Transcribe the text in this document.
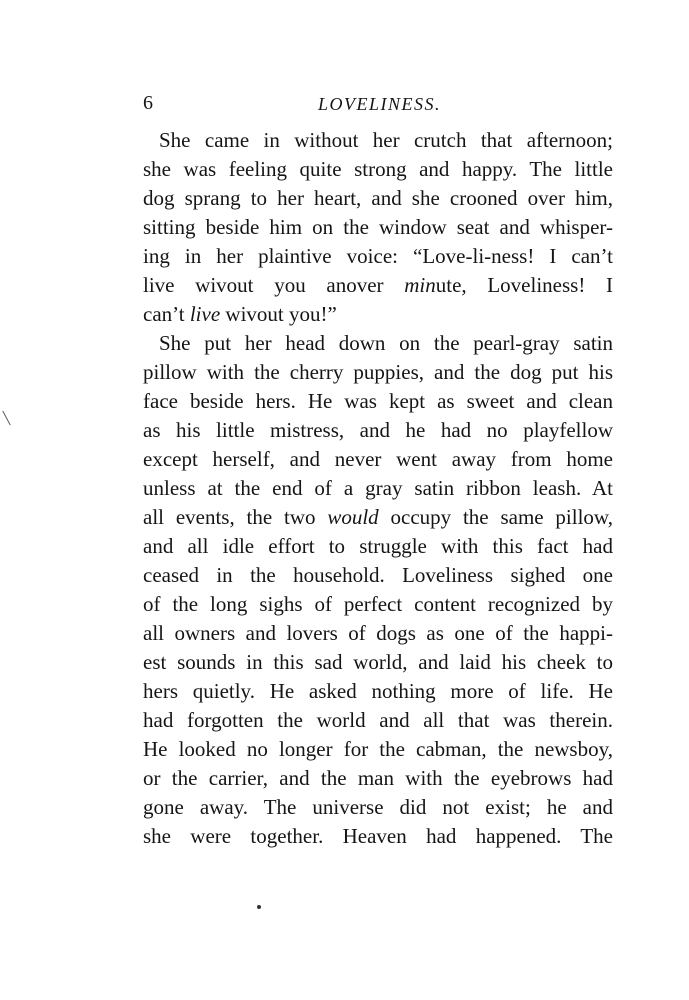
6	LOVELINESS.
She came in without her crutch that afternoon;
she was feeling quite strong and happy. The little
dog sprang to her heart, and she crooned over him,
sitting beside him on the window seat and whisper-
ing in her plaintive voice: “Love-li-ness! I can’t
live wivout you anover minute, Loveliness! I
can’t live wivout you!”
She put her head down on the pearl-gray satin
pillow with the cherry puppies, and the dog put his
face beside hers. He was kept as sweet and clean
as his little mistress, and he had no playfellow
except herself, and never went away from home
unless at the end of a gray satin ribbon leash. At
all events, the two would occupy the same pillow,
and all idle effort to struggle with this fact had
ceased in the household. Loveliness sighed one
of the long sighs of perfect content recognized by
all owners and lovers of dogs as one of the happi-
est sounds in this sad world, and laid his cheek to
hers quietly. He asked nothing more of life. He
had forgotten the world and all that was therein.
He looked no longer for the cabman, the newsboy,
or the carrier, and the man with the eyebrows had
gone away. The universe did not exist; he and
she were together. Heaven had happened. The
